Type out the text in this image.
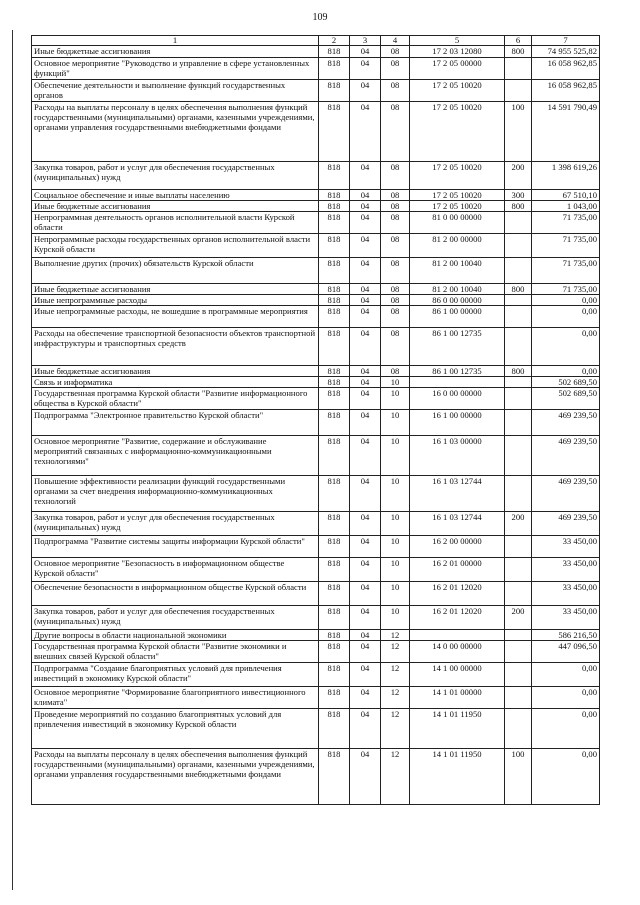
109
1	2	3	4	5	6	7
Иные бюджетные ассигнования	818	04	08	17 2 03 12080	800	74 955 525,82
Основное мероприятие "Руководство и управление в сфере установленных функций"	818	04	08	17 2 05 00000		16 058 962,85
Обеспечение деятельности и выполнение функций государственных органов	818	04	08	17 2 05 10020		16 058 962,85
Расходы на выплаты персоналу в целях обеспечения выполнения функций государственными (муниципальными) органами, казенными учреждениями, органами управления государственными внебюджетными фондами	818	04	08	17 2 05 10020	100	14 591 790,49
Закупка товаров, работ и услуг для обеспечения государственных (муниципальных) нужд	818	04	08	17 2 05 10020	200	1 398 619,26
Социальное обеспечение и иные выплаты населению	818	04	08	17 2 05 10020	300	67 510,10
Иные бюджетные ассигнования	818	04	08	17 2 05 10020	800	1 043,00
Непрограммная деятельность органов исполнительной власти Курской области	818	04	08	81 0 00 00000		71 735,00
Непрограммные расходы государственных органов исполнительной власти Курской области	818	04	08	81 2 00 00000		71 735,00
Выполнение других (прочих) обязательств Курской области	818	04	08	81 2 00 10040		71 735,00
Иные бюджетные ассигнования	818	04	08	81 2 00 10040	800	71 735,00
Иные непрограммные расходы	818	04	08	86 0 00 00000		0,00
Иные непрограммные расходы, не вошедшие в программные мероприятия	818	04	08	86 1 00 00000		0,00
Расходы на обеспечение транспортной безопасности объектов транспортной инфраструктуры и транспортных средств	818	04	08	86 1 00 12735		0,00
Иные бюджетные ассигнования	818	04	08	86 1 00 12735	800	0,00
Связь и информатика	818	04	10			502 689,50
Государственная программа Курской области "Развитие информационного общества в Курской области"	818	04	10	16 0 00 00000		502 689,50
Подпрограмма "Электронное правительство Курской области"	818	04	10	16 1 00 00000		469 239,50
Основное мероприятие "Развитие, содержание и обслуживание мероприятий связанных с информационно-коммуникационными технологиями"	818	04	10	16 1 03 00000		469 239,50
Повышение эффективности реализации функций государственными органами за счет внедрения информационно-коммуникационных технологий	818	04	10	16 1 03 12744		469 239,50
Закупка товаров, работ и услуг для обеспечения государственных (муниципальных) нужд	818	04	10	16 1 03 12744	200	469 239,50
Подпрограмма "Развитие системы защиты информации Курской области"	818	04	10	16 2 00 00000		33 450,00
Основное мероприятие "Безопасность в информационном обществе Курской области"	818	04	10	16 2 01 00000		33 450,00
Обеспечение безопасности в информационном обществе Курской области	818	04	10	16 2 01 12020		33 450,00
Закупка товаров, работ и услуг для обеспечения государственных (муниципальных) нужд	818	04	10	16 2 01 12020	200	33 450,00
Другие вопросы в области национальной экономики	818	04	12			586 216,50
Государственная программа Курской области "Развитие экономики и внешних связей Курской области"	818	04	12	14 0 00 00000		447 096,50
Подпрограмма "Создание благоприятных условий для привлечения инвестиций в экономику Курской области"	818	04	12	14 1 00 00000		0,00
Основное мероприятие "Формирование благоприятного инвестиционного климата"	818	04	12	14 1 01 00000		0,00
Проведение мероприятий по созданию благоприятных условий для привлечения инвестиций в экономику Курской области	818	04	12	14 1 01 11950		0,00
Расходы на выплаты персоналу в целях обеспечения выполнения функций государственными (муниципальными) органами, казенными учреждениями, органами управления государственными внебюджетными фондами	818	04	12	14 1 01 11950	100	0,00
